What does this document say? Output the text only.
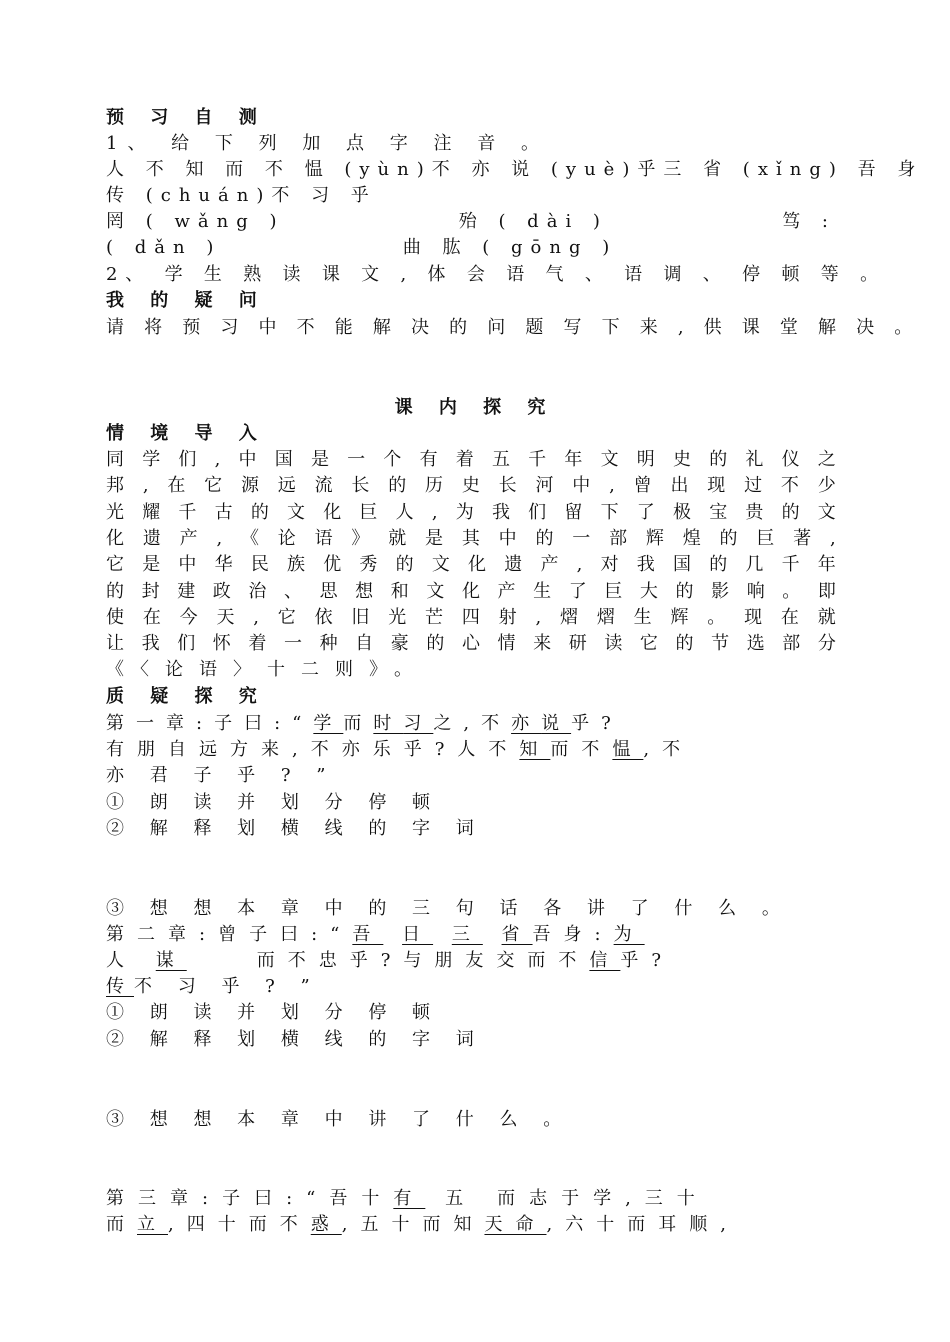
预 习 自 测
1、 给 下 列 加 点 字 注 音 。
人 不 知 而 不 愠 (yùn) 不 亦 说 (yuè)乎 三 省 (xǐng) 吾 身
传 (chuán)不 习 乎
罔 ( wǎng )	殆 ( dài )	笃 :
( dǎn )	曲 肱 ( gōng )
2、 学 生 熟 读 课 文 , 体 会 语 气 、 语 调 、 停 顿 等 。
我 的 疑 问
请 将 预 习 中 不 能 解 决 的 问 题 写 下 来 , 供 课 堂 解 决 。
课 内 探 究
情 境 导 入
同 学 们 , 中 国 是 一 个 有 着 五 千 年 文 明 史 的 礼 仪 之
邦 , 在 它 源 远 流 长 的 历 史 长 河 中 , 曾 出 现 过 不 少
光 耀 千 古 的 文 化 巨 人 , 为 我 们 留 下 了 极 宝 贵 的 文
化 遗 产 , 《 论 语 》 就 是 其 中 的 一 部 辉 煌 的 巨 著 ,
它 是 中 华 民 族 优 秀 的 文 化 遗 产 , 对 我 国 的 几 千 年
的 封 建 政 治 、 思 想 和 文 化 产 生 了 巨 大 的 影 响 。 即
使 在 今 天 , 它 依 旧 光 芒 四 射 , 熠 熠 生 辉 。 现 在 就
让 我 们 怀 着 一 种 自 豪 的 心 情 来 研 读 它 的 节 选 部 分
《〈论语〉十二则》。
质 疑 探 究
第一章:子曰:“学而时习之,不亦说乎?
有朋自远方来,不亦乐乎?人不知而不愠,不
亦 君 子 乎 ? ”
① 朗 读 并 划 分 停 顿
② 解 释 划 横 线 的 字 词
③ 想 想 本 章 中 的 三 句 话 各 讲 了 什 么 。
第二章:曾子曰:“吾 日 三 省吾身:为
人 谋	而不忠乎?与朋友交而不信乎?
传不 习 乎 ? ”
① 朗 读 并 划 分 停 顿
② 解 释 划 横 线 的 字 词
③ 想 想 本 章 中 讲 了 什 么 。
第三章:子曰:“吾十有 五 而志于学,三十
而立,四十而不惑,五十而知天命,六十而耳顺,
